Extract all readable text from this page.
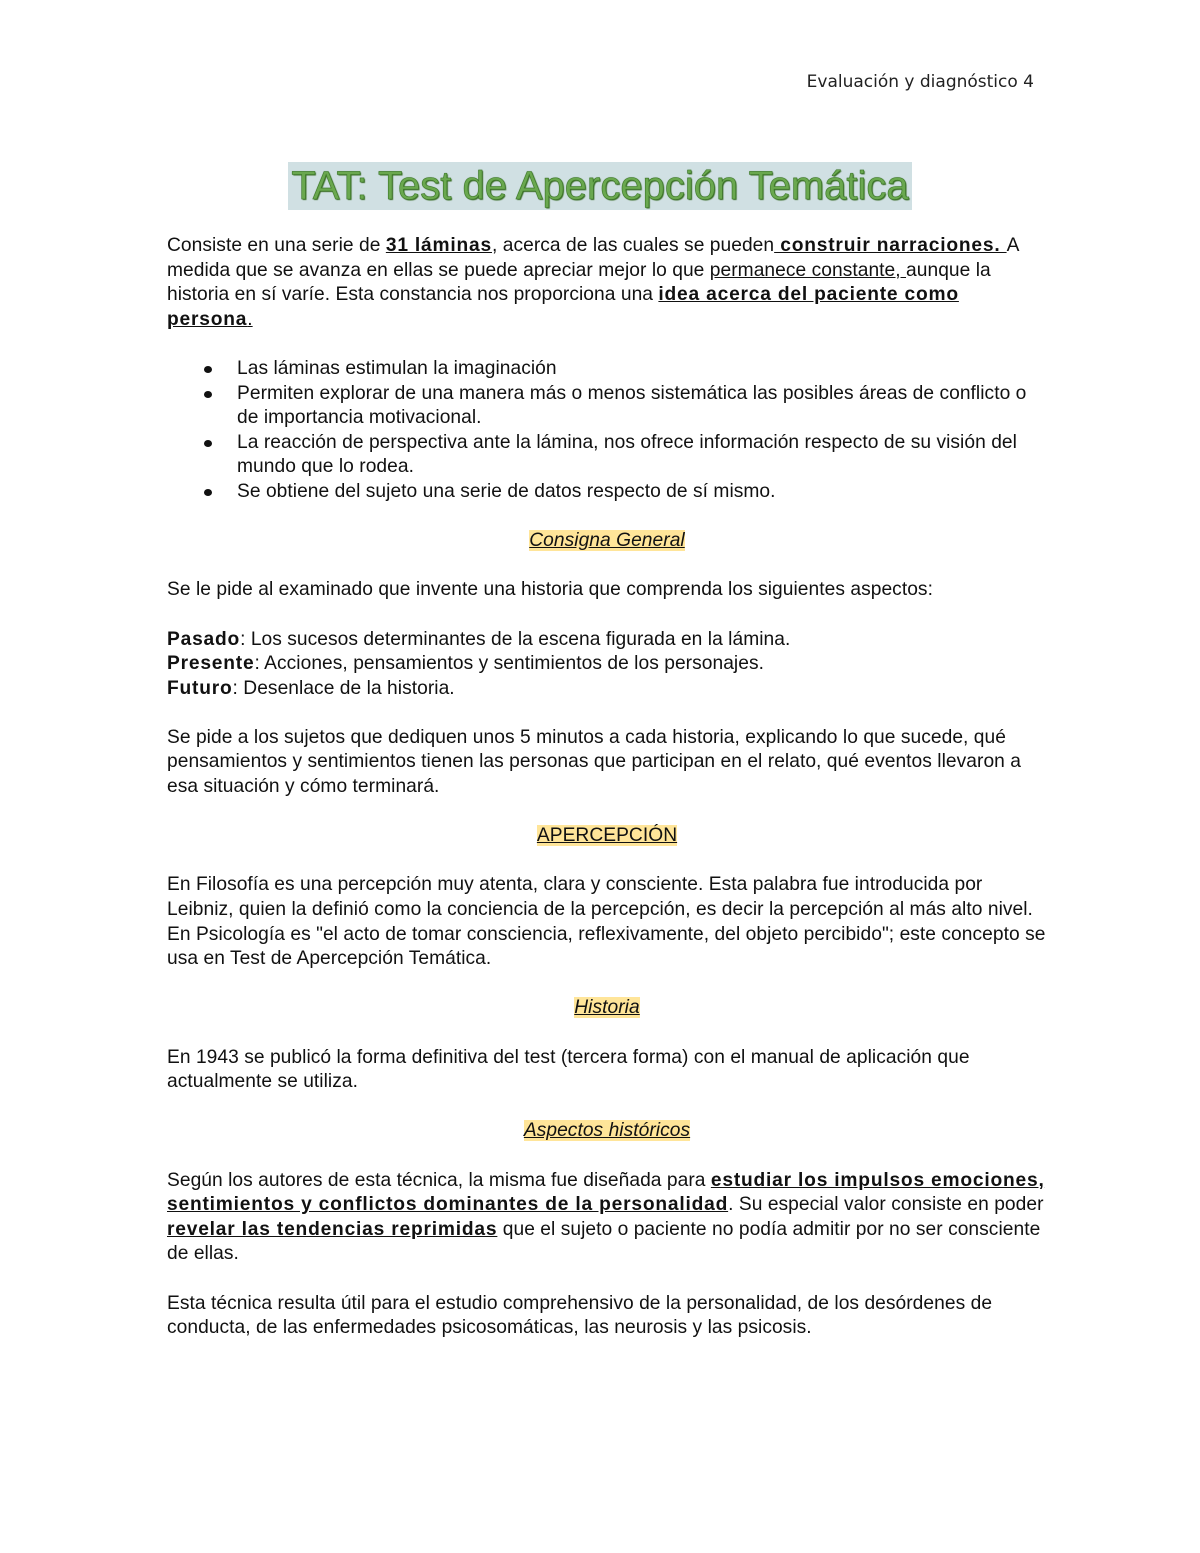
Evaluación y diagnóstico 4
TAT: Test de Apercepción Temática

Consiste en una serie de 31 láminas, acerca de las cuales se pueden construir narraciones. A medida que se avanza en ellas se puede apreciar mejor lo que permanece constante, aunque la historia en sí varíe. Esta constancia nos proporciona una idea acerca del paciente como persona.

Las láminas estimulan la imaginación
Permiten explorar de una manera más o menos sistemática las posibles áreas de conflicto o de importancia motivacional.
La reacción de perspectiva ante la lámina, nos ofrece información respecto de su visión del mundo que lo rodea.
Se obtiene del sujeto una serie de datos respecto de sí mismo.

Consigna General

Se le pide al examinado que invente una historia que comprenda los siguientes aspectos:

Pasado: Los sucesos determinantes de la escena figurada en la lámina.

Presente: Acciones, pensamientos y sentimientos de los personajes.

Futuro: Desenlace de la historia.

Se pide a los sujetos que dediquen unos 5 minutos a cada historia, explicando lo que sucede, qué pensamientos y sentimientos tienen las personas que participan en el relato, qué eventos llevaron a esa situación y cómo terminará.

APERCEPCIÓN

En Filosofía es una percepción muy atenta, clara y consciente. Esta palabra fue introducida por Leibniz, quien la definió como la conciencia de la percepción, es decir la percepción al más alto nivel.

En Psicología es "el acto de tomar consciencia, reflexivamente, del objeto percibido"; este concepto se usa en Test de Apercepción Temática.

Historia

En 1943 se publicó la forma definitiva del test (tercera forma) con el manual de aplicación que actualmente se utiliza.

Aspectos históricos

Según los autores de esta técnica, la misma fue diseñada para estudiar los impulsos emociones, sentimientos y conflictos dominantes de la personalidad. Su especial valor consiste en poder revelar las tendencias reprimidas que el sujeto o paciente no podía admitir por no ser consciente de ellas.

Esta técnica resulta útil para el estudio comprehensivo de la personalidad, de los desórdenes de conducta, de las enfermedades psicosomáticas, las neurosis y las psicosis.
